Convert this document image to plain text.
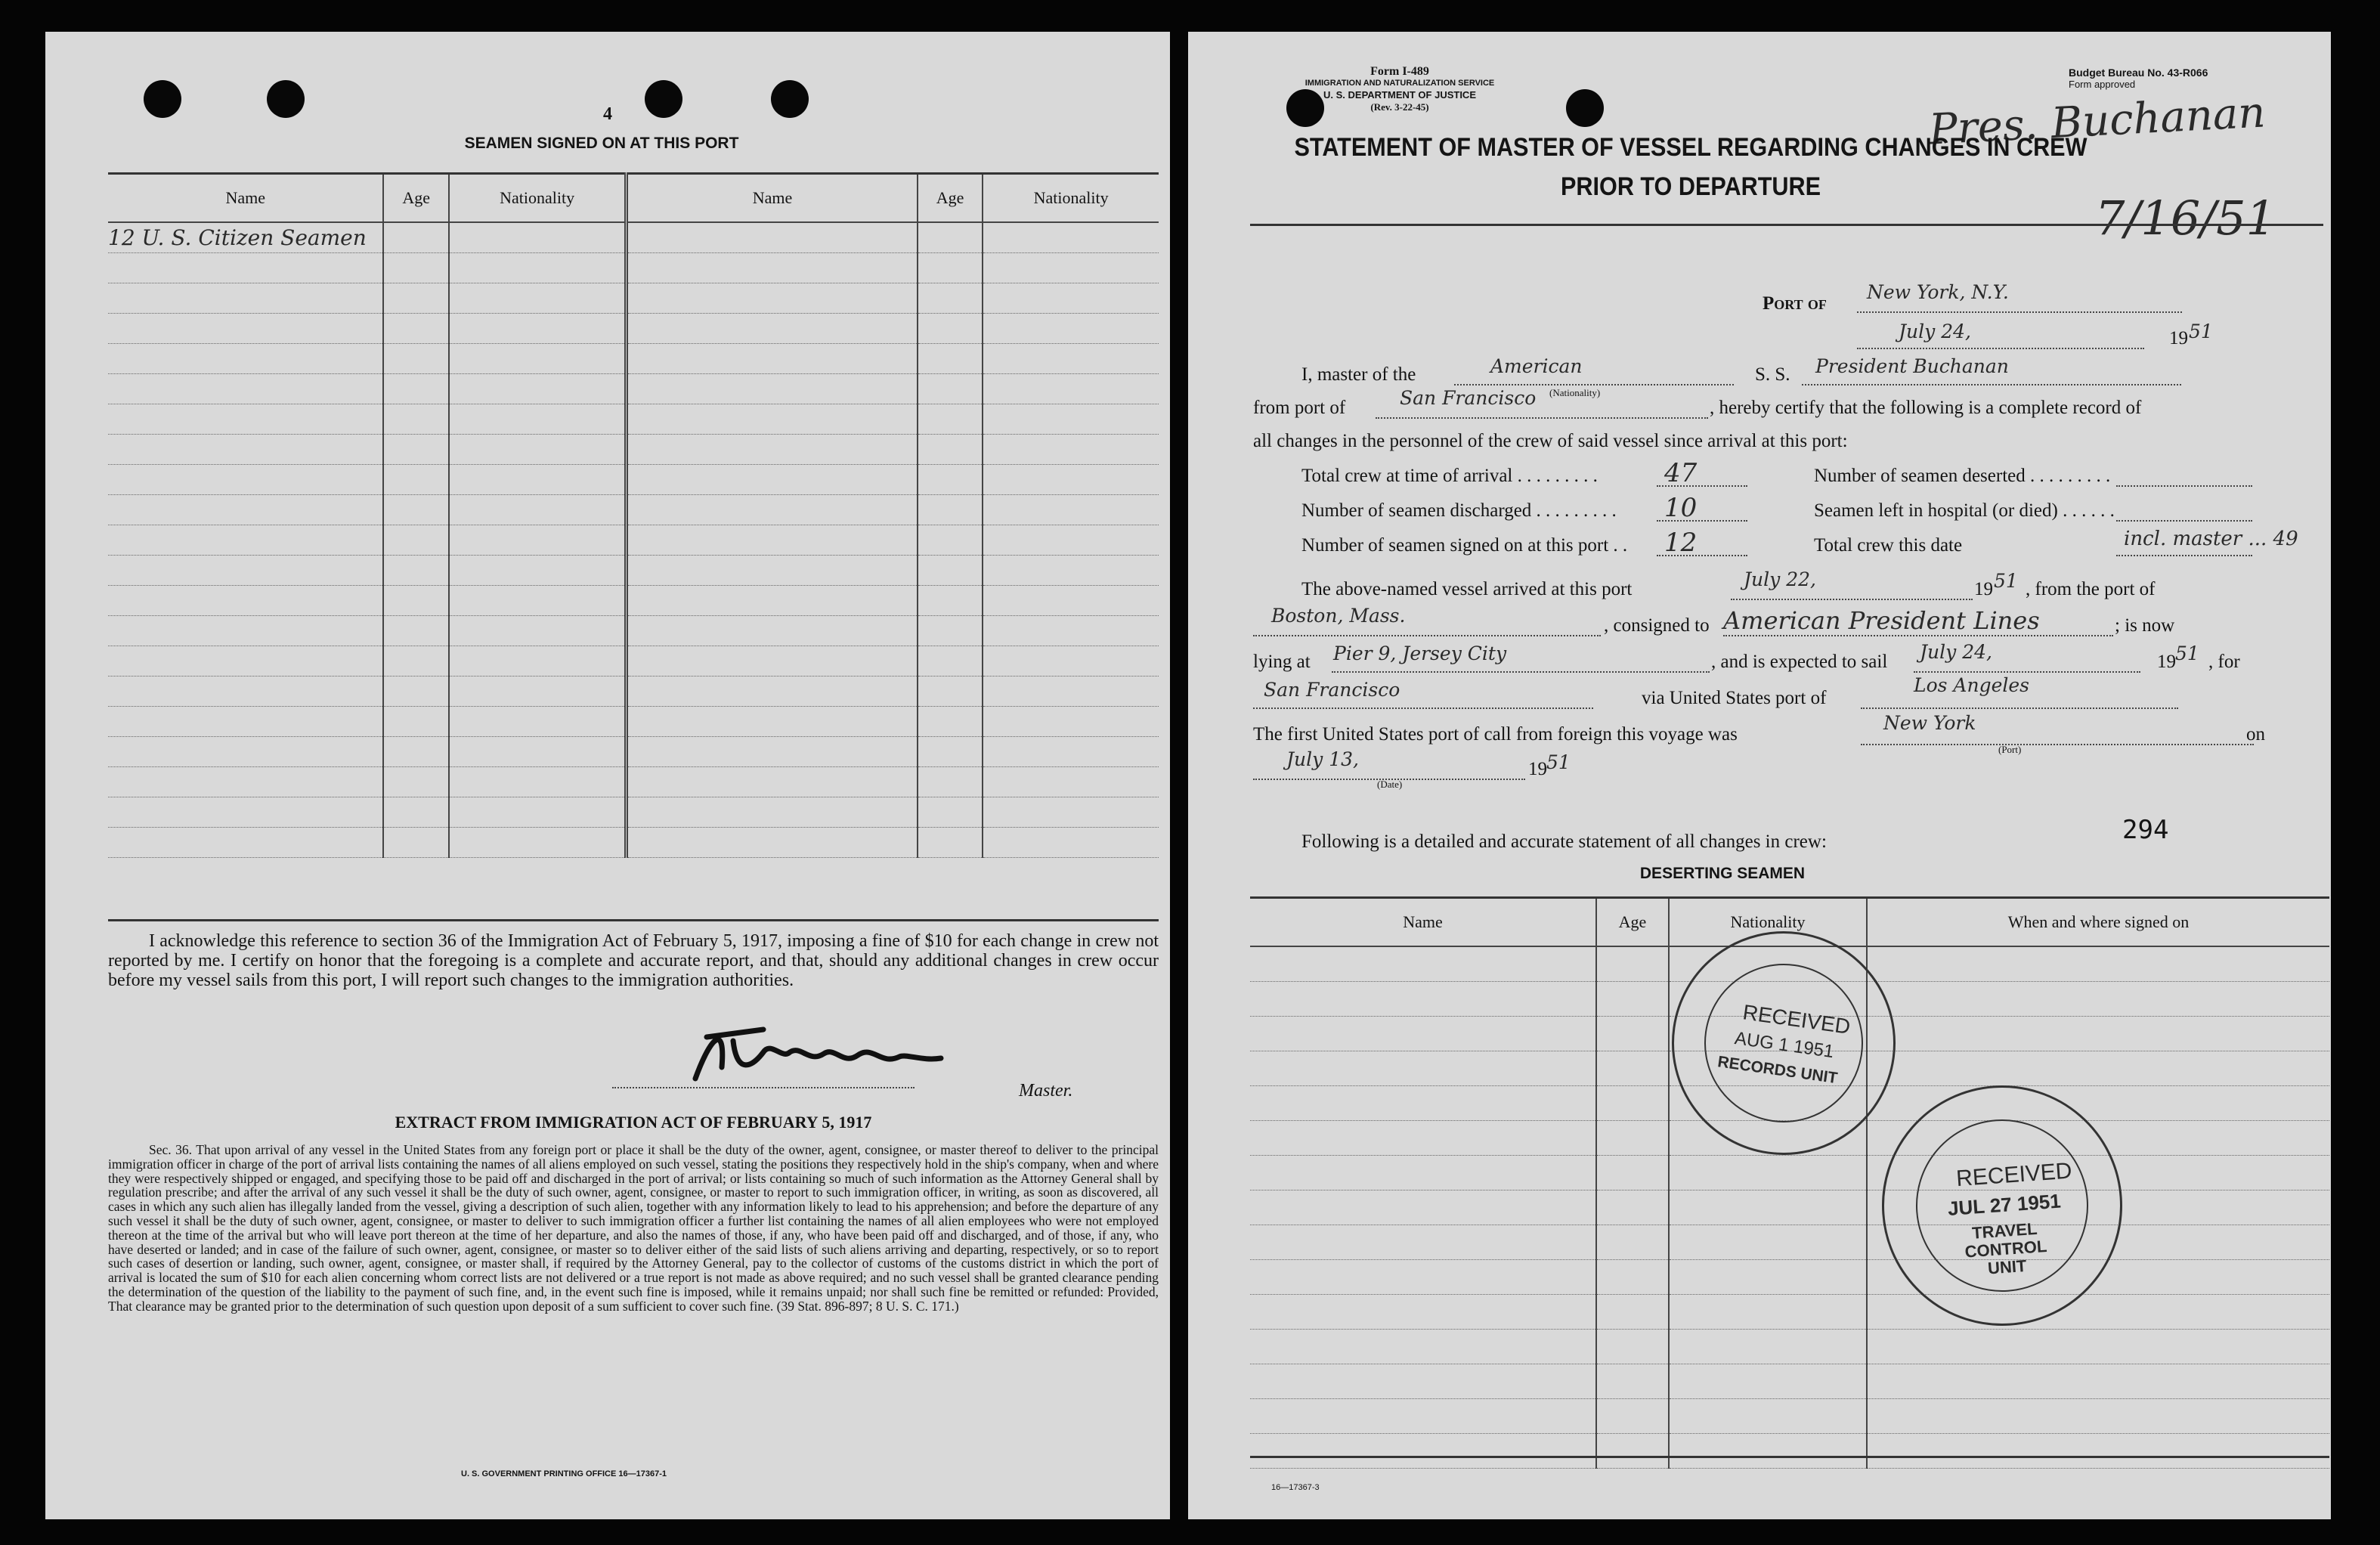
4
SEAMEN SIGNED ON AT THIS PORT
Name	Age	Nationality	Name	Age	Nationality
12 U. S. Citizen Seamen					

I acknowledge this reference to section 36 of the Immigration Act of February 5, 1917, imposing a fine of $10 for each change in crew not reported by me. I certify on honor that the foregoing is a complete and accurate report, and that, should any additional changes in crew occur before my vessel sails from this port, I will report such changes to the immigration authorities.
Master.
EXTRACT FROM IMMIGRATION ACT OF FEBRUARY 5, 1917
Sec. 36. That upon arrival of any vessel in the United States from any foreign port or place it shall be the duty of the owner, agent, consignee, or master thereof to deliver to the principal immigration officer in charge of the port of arrival lists containing the names of all aliens employed on such vessel, stating the positions they respectively hold in the ship's company, when and where they were respectively shipped or engaged, and specifying those to be paid off and discharged in the port of arrival; or lists containing so much of such information as the Attorney General shall by regulation prescribe; and after the arrival of any such vessel it shall be the duty of such owner, agent, consignee, or master to report to such immigration officer, in writing, as soon as discovered, all cases in which any such alien has illegally landed from the vessel, giving a description of such alien, together with any information likely to lead to his apprehension; and before the departure of any such vessel it shall be the duty of such owner, agent, consignee, or master to deliver to such immigration officer a further list containing the names of all alien employees who were not employed thereon at the time of the arrival but who will leave port thereon at the time of her departure, and also the names of those, if any, who have been paid off and discharged, and of those, if any, who have deserted or landed; and in case of the failure of such owner, agent, consignee, or master so to deliver either of the said lists of such aliens arriving and departing, respectively, or so to report such cases of desertion or landing, such owner, agent, consignee, or master shall, if required by the Attorney General, pay to the collector of customs of the customs district in which the port of arrival is located the sum of $10 for each alien concerning whom correct lists are not delivered or a true report is not made as above required; and no such vessel shall be granted clearance pending the determination of the question of the liability to the payment of such fine, and, in the event such fine is imposed, while it remains unpaid; nor shall such fine be remitted or refunded: Provided, That clearance may be granted prior to the determination of such question upon deposit of a sum sufficient to cover such fine. (39 Stat. 896-897; 8 U. S. C. 171.)
U. S. GOVERNMENT PRINTING OFFICE 16—17367-1
Form I-489
IMMIGRATION AND NATURALIZATION SERVICE
U. S. DEPARTMENT OF JUSTICE
(Rev. 3-22-45)
Budget Bureau No. 43-R066
Form approved
Pres. Buchanan
7/16/51
STATEMENT OF MASTER OF VESSEL REGARDING CHANGES IN CREW
PRIOR TO DEPARTURE
Port of
New York, N.Y.
July 24,	19 51
I, master of the	American
(Nationality)
S. S. President Buchanan
from port of	San Francisco	, hereby certify that the following is a complete record of
all changes in the personnel of the crew of said vessel since arrival at this port:
Total crew at time of arrival . . . . . . . . .	47
Number of seamen discharged . . . . . . . . . 10
Number of seamen signed on at this port . . 12
Number of seamen deserted . . . . . . . . .
Seamen left in hospital (or died) . . . . . .
Total crew this date	incl. master ... 49
The above-named vessel arrived at this port	July 22,	19 51 , from the port of
Boston, Mass.	, consigned to American President Lines	; is now
lying at Pier 9, Jersey City	, and is expected to sail July 24,	19 51 , for
San Francisco	via United States port of
Los Angeles
The first United States port of call from foreign this voyage was
New York
(Port)
on
July 13,
(Date)
19 51
294
Following is a detailed and accurate statement of all changes in crew:
DESERTING SEAMEN
Name	Age	Nationality	When and where signed on

16—17367-3
RECEIVED
AUG 1 1951
RECORDS UNIT
RECEIVED
JUL 27 1951
TRAVEL CONTROL UNIT
